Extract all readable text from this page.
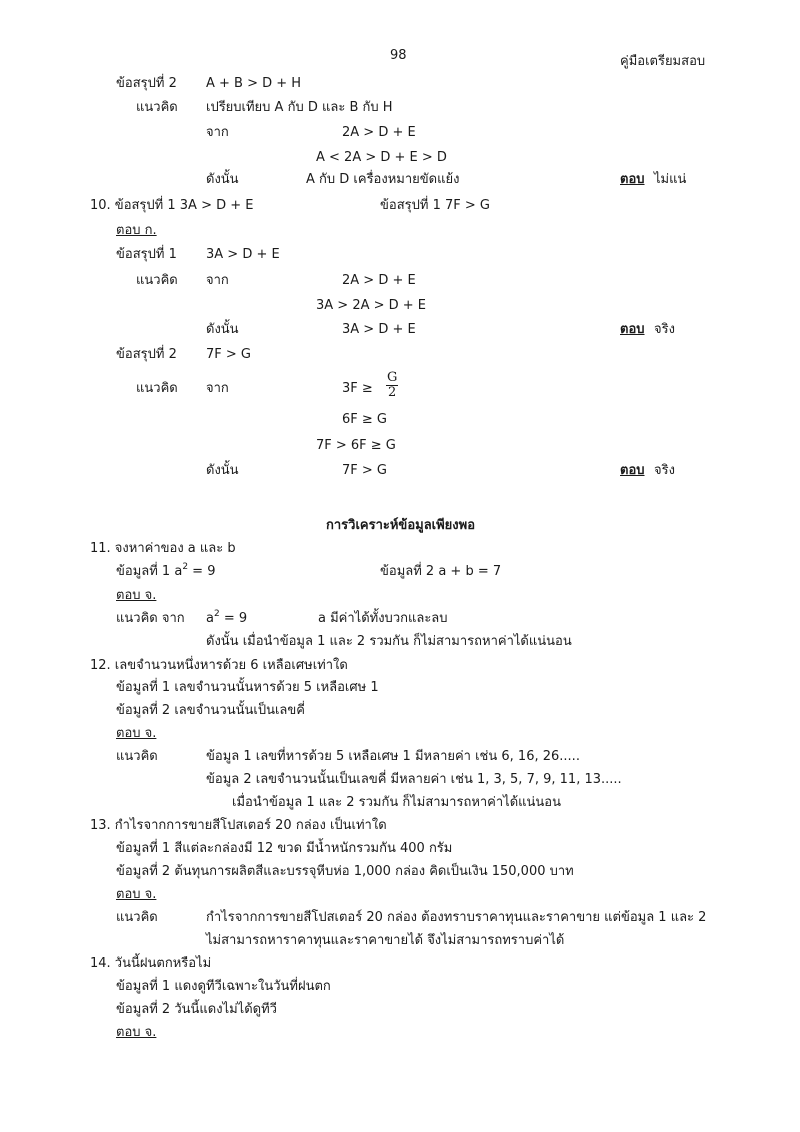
98	คู่มือเตรียมสอบ
ข้อสรุปที่ 2 A + B > D + H
แนวคิด เปรียบเทียบ A กับ D และ B กับ H
จาก	2A > D + E
A < 2A > D + E > D
ดังนั้น	A กับ D เครื่องหมายขัดแย้ง	ตอบ ไม่แน่
10. ข้อสรุปที่ 1 3A > D + E	ข้อสรุปที่ 1 7F > G
ตอบ ก.
ข้อสรุปที่ 1 3A > D + E
แนวคิด จาก	2A > D + E
3A > 2A > D + E
ดังนั้น	3A > D + E	ตอบ จริง
ข้อสรุปที่ 2 7F > G
แนวคิด จาก	$3F \ge \frac{G}{2}$
6F ≥ G
7F > 6F ≥ G
ดังนั้น	7F > G	ตอบ จริง
การวิเคราะห์ข้อมูลเพียงพอ
11. จงหาค่าของ a และ b
ข้อมูลที่ 1 $a^2 = 9$	ข้อมูลที่ 2 a + b = 7
ตอบ จ.
แนวคิด จาก $a^2 = 9$	a มีค่าได้ทั้งบวกและลบ
ดังนั้น เมื่อนำข้อมูล 1 และ 2 รวมกัน ก็ไม่สามารถหาค่าได้แน่นอน
12. เลขจำนวนหนึ่งหารด้วย 6 เหลือเศษเท่าใด
ข้อมูลที่ 1 เลขจำนวนนั้นหารด้วย 5 เหลือเศษ 1
ข้อมูลที่ 2 เลขจำนวนนั้นเป็นเลขคี่
ตอบ จ.
แนวคิด	ข้อมูล 1 เลขที่หารด้วย 5 เหลือเศษ 1 มีหลายค่า เช่น 6, 16, 26.....
ข้อมูล 2 เลขจำนวนนั้นเป็นเลขคี่ มีหลายค่า เช่น 1, 3, 5, 7, 9, 11, 13.....
เมื่อนำข้อมูล 1 และ 2 รวมกัน ก็ไม่สามารถหาค่าได้แน่นอน
13. กำไรจากการขายสีโปสเตอร์ 20 กล่อง เป็นเท่าใด
ข้อมูลที่ 1 สีแต่ละกล่องมี 12 ขวด มีน้ำหนักรวมกัน 400 กรัม
ข้อมูลที่ 2 ต้นทุนการผลิตสีและบรรจุหีบห่อ 1,000 กล่อง คิดเป็นเงิน 150,000 บาท
ตอบ จ.
แนวคิด	กำไรจากการขายสีโปสเตอร์ 20 กล่อง ต้องทราบราคาทุนและราคาขาย แต่ข้อมูล 1 และ 2
ไม่สามารถหาราคาทุนและราคาขายได้ จึงไม่สามารถทราบค่าได้
14. วันนี้ฝนตกหรือไม่
ข้อมูลที่ 1 แดงดูทีวีเฉพาะในวันที่ฝนตก
ข้อมูลที่ 2 วันนี้แดงไม่ได้ดูทีวี
ตอบ จ.
